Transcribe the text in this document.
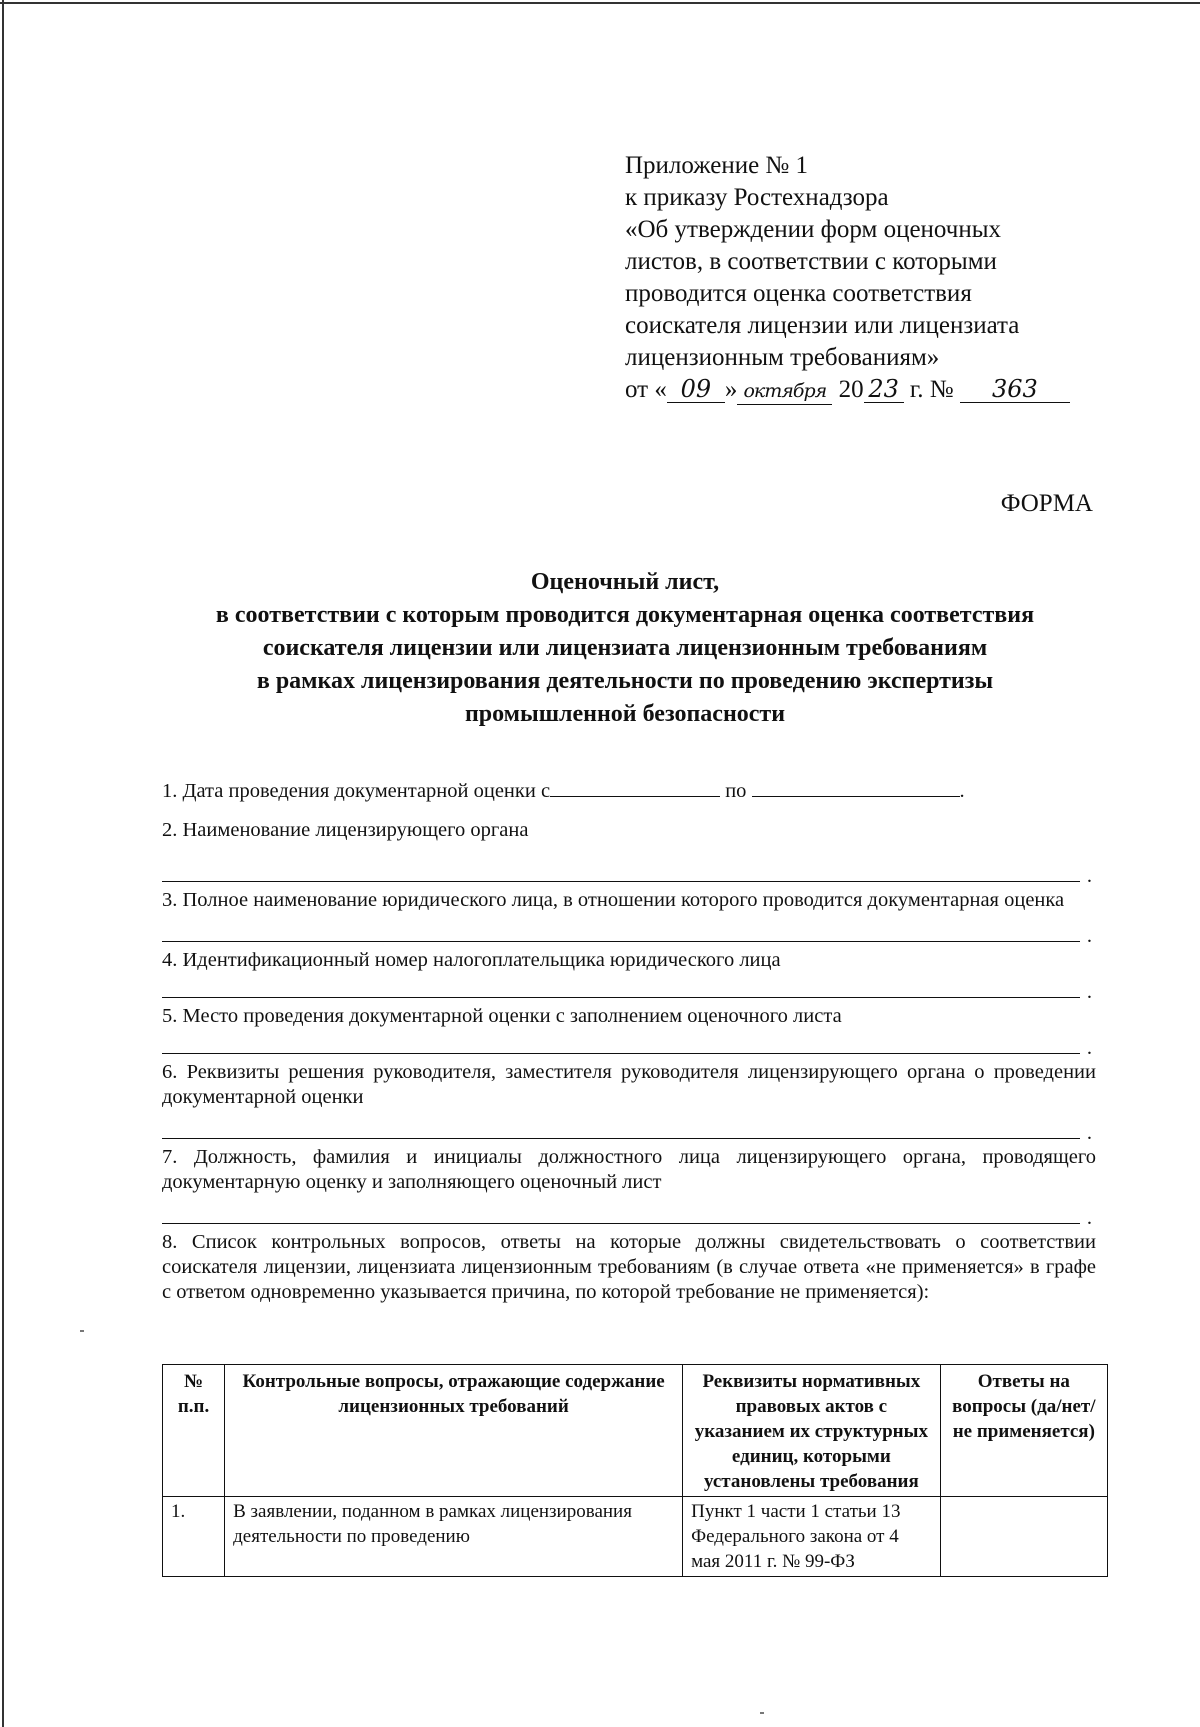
Приложение № 1
к приказу Ростехнадзора
«Об утверждении форм оценочных
листов, в соответствии с которыми
проводится оценка соответствия
соискателя лицензии или лицензиата
лицензионным требованиям»
от « 09 » октября 20 23 г. № 363
ФОРМА
Оценочный лист,
в соответствии с которым проводится документарная оценка соответствия
соискателя лицензии или лицензиата лицензионным требованиям
в рамках лицензирования деятельности по проведению экспертизы
промышленной безопасности
1. Дата проведения документарной оценки с	по	.

2. Наименование лицензирующего органа

.

3. Полное наименование юридического лица, в отношении которого проводится документарная оценка

.

4. Идентификационный номер налогоплательщика юридического лица

.

5. Место проведения документарной оценки с заполнением оценочного листа

.

6. Реквизиты решения руководителя, заместителя руководителя лицензирующего органа о проведении документарной оценки

.

7. Должность, фамилия и инициалы должностного лица лицензирующего органа, проводящего документарную оценку и заполняющего оценочный лист

.

8. Список контрольных вопросов, ответы на которые должны свидетельствовать о соответствии соискателя лицензии, лицензиата лицензионным требованиям (в случае ответа «не применяется» в графе с ответом одновременно указывается причина, по которой требование не применяется):

№ п.п.	Контрольные вопросы, отражающие содержание лицензионных требований	Реквизиты нормативных правовых актов с указанием их структурных единиц, которыми установлены требования	Ответы на вопросы (да/нет/ не применяется)
1.	В заявлении, поданном в рамках лицензирования деятельности по проведению	Пункт 1 части 1 статьи 13 Федерального закона от 4 мая 2011 г. № 99-ФЗ	
